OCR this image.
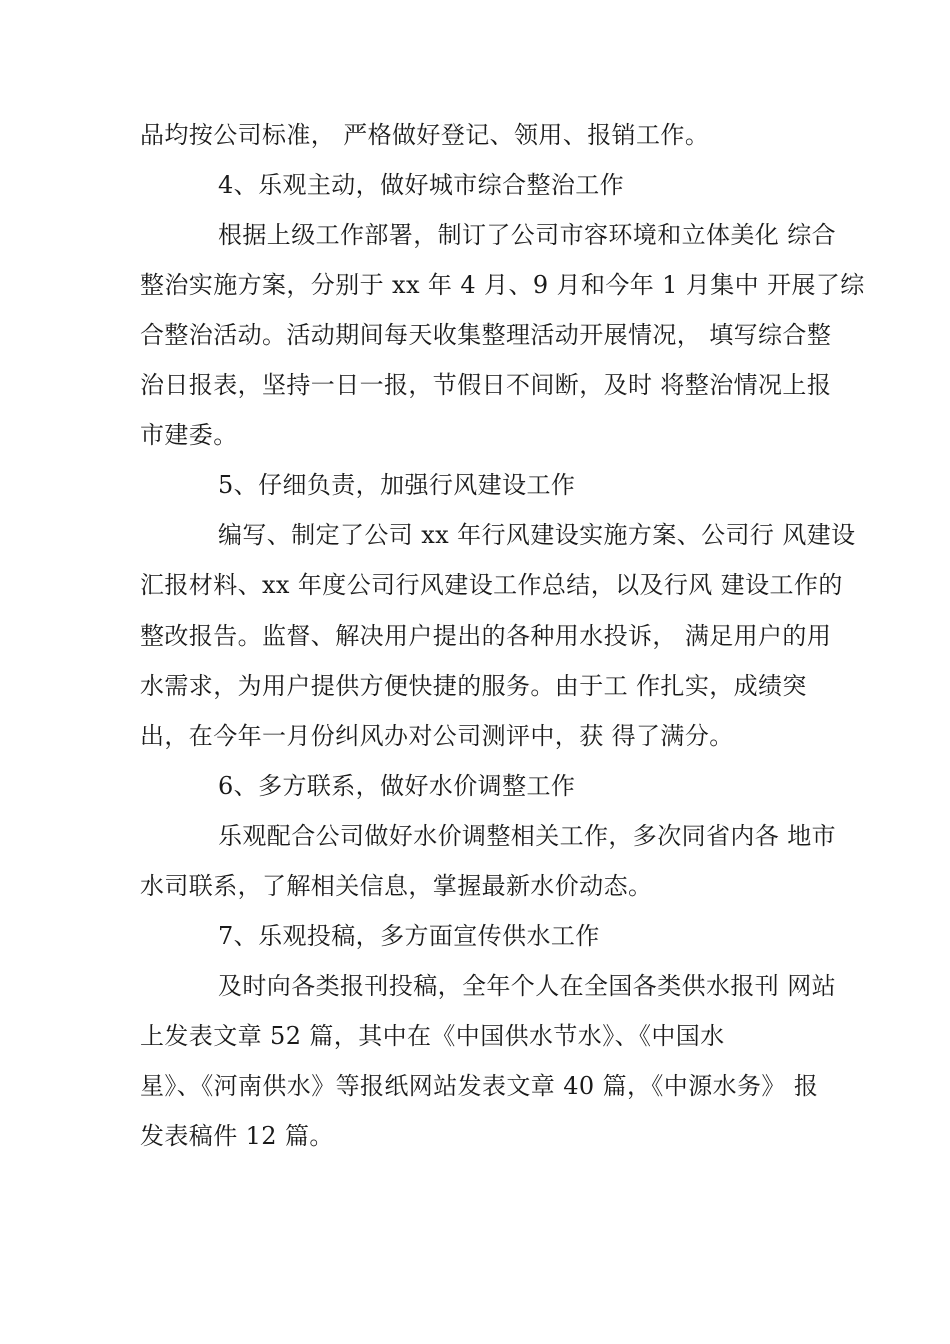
品均按公司标准， 严格做好登记、领用、报销工作。
4、乐观主动，做好城市综合整治工作
根据上级工作部署，制订了公司市容环境和立体美化 综合
整治实施方案，分别于 xx 年 4 月、9 月和今年 1 月集中 开展了综
合整治活动。活动期间每天收集整理活动开展情况， 填写综合整
治日报表，坚持一日一报，节假日不间断，及时 将整治情况上报
市建委。
5、仔细负责，加强行风建设工作
编写、制定了公司 xx 年行风建设实施方案、公司行 风建设
汇报材料、xx 年度公司行风建设工作总结，以及行风 建设工作的
整改报告。监督、解决用户提出的各种用水投诉， 满足用户的用
水需求，为用户提供方便快捷的服务。由于工 作扎实，成绩突
出，在今年一月份纠风办对公司测评中，获 得了满分。
6、多方联系，做好水价调整工作
乐观配合公司做好水价调整相关工作，多次同省内各 地市
水司联系，了解相关信息，掌握最新水价动态。
7、乐观投稿，多方面宣传供水工作
及时向各类报刊投稿，全年个人在全国各类供水报刊 网站
上发表文章 52 篇，其中在《中国供水节水》、《中国水
星》、《河南供水》等报纸网站发表文章 40 篇，《中源水务》 报
发表稿件 12 篇。
